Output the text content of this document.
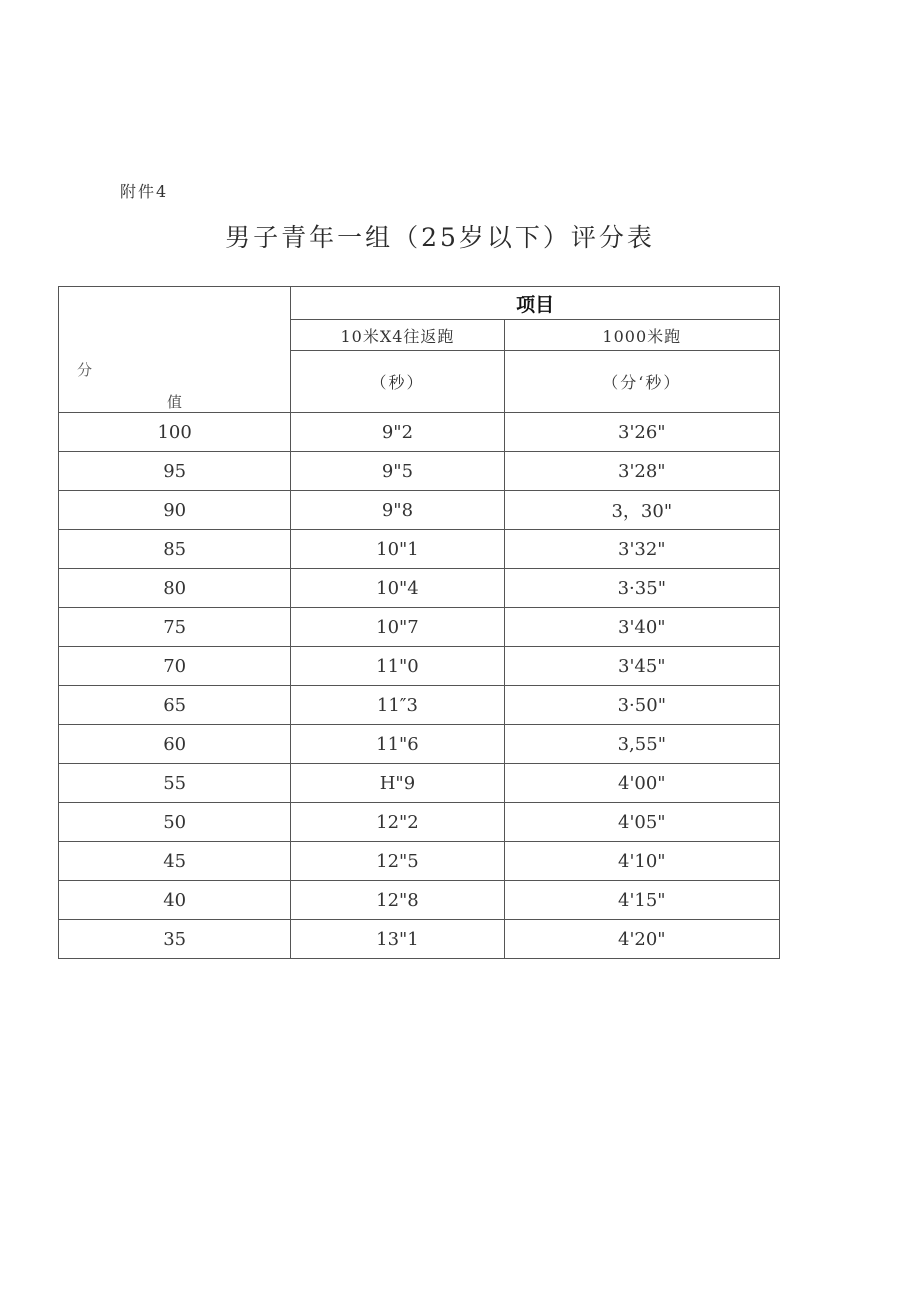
附件4
男子青年一组（25岁以下）评分表
分
值	项目	
	10米X4往返跑	1000米跑
	（秒）	（分‘秒）
100	9"2	3'26"
95	9"5	3'28"
90	9"8	3，30"
85	10"1	3'32"
80	10"4	3·35"
75	10"7	3'40"
70	11"0	3'45"
65	11″3	3·50"
60	11"6	3,55"
55	H"9	4'00"
50	12"2	4'05"
45	12"5	4'10"
40	12"8	4'15"
35	13"1	4'20"
